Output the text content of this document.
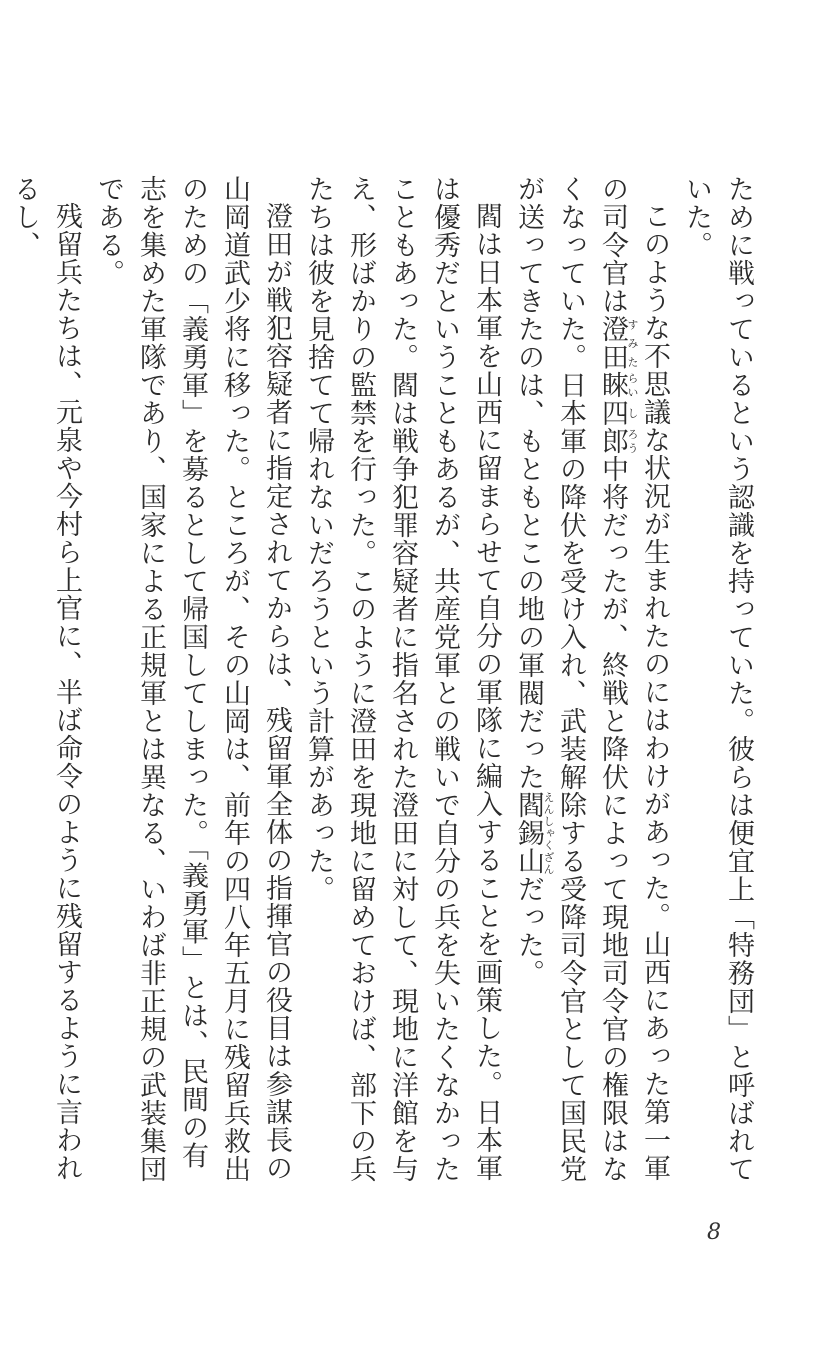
ために戦っているという認識を持っていた。彼らは便宜上「特務団」と呼ばれていた。

このような不思議な状況が生まれたのにはわけがあった。山西にあった第一軍の司令官は澄田すみた睞らい四し郎ろう中将だったが、終戦と降伏によって現地司令官の権限はなくなっていた。日本軍の降伏を受け入れ、武装解除する受降司令官として国民党が送ってきたのは、もともとこの地の軍閥だった閻錫山えんしゃくざんだった。

閻は日本軍を山西に留まらせて自分の軍隊に編入することを画策した。日本軍は優秀だということもあるが、共産党軍との戦いで自分の兵を失いたくなかったこともあった。閻は戦争犯罪容疑者に指名された澄田に対して、現地に洋館を与え、形ばかりの監禁を行った。このように澄田を現地に留めておけば、部下の兵たちは彼を見捨てて帰れないだろうという計算があった。

澄田が戦犯容疑者に指定されてからは、残留軍全体の指揮官の役目は参謀長の山岡道武少将に移った。ところが、その山岡は、前年の四八年五月に残留兵救出のための「義勇軍」を募るとして帰国してしまった。「義勇軍」とは、民間の有志を集めた軍隊であり、国家による正規軍とは異なる、いわば非正規の武装集団である。

残留兵たちは、元泉や今村ら上官に、半ば命令のように残留するように言われるし、

8
